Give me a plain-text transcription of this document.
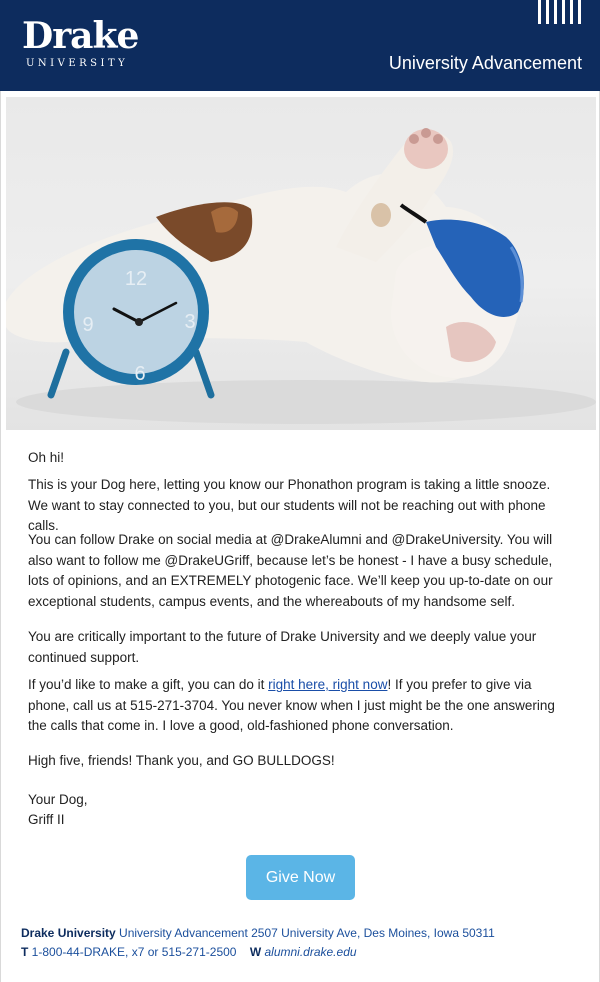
Drake
UNIVERSITY	University Advancement
12
3
6
9

Oh hi!

This is your Dog here, letting you know our Phonathon program is taking a little snooze. We want to stay connected to you, but our students will not be reaching out with phone calls.

You can follow Drake on social media at @DrakeAlumni and @DrakeUniversity. You will also want to follow me @DrakeUGriff, because let’s be honest - I have a busy schedule, lots of opinions, and an EXTREMELY photogenic face. We’ll keep you up-to-date on our exceptional students, campus events, and the whereabouts of my handsome self.

You are critically important to the future of Drake University and we deeply value your continued support.

If you’d like to make a gift, you can do it right here, right now! If you prefer to give via phone, call us at 515-271-3704. You never know when I just might be the one answering the calls that come in. I love a good, old-fashioned phone conversation.

High five, friends! Thank you, and GO BULLDOGS!

Your Dog,

Griff II

Give Now
Drake University University Advancement 2507 University Ave, Des Moines, Iowa 50311
T 1-800-44-DRAKE, x7 or 515-271-2500 W alumni.drake.edu
